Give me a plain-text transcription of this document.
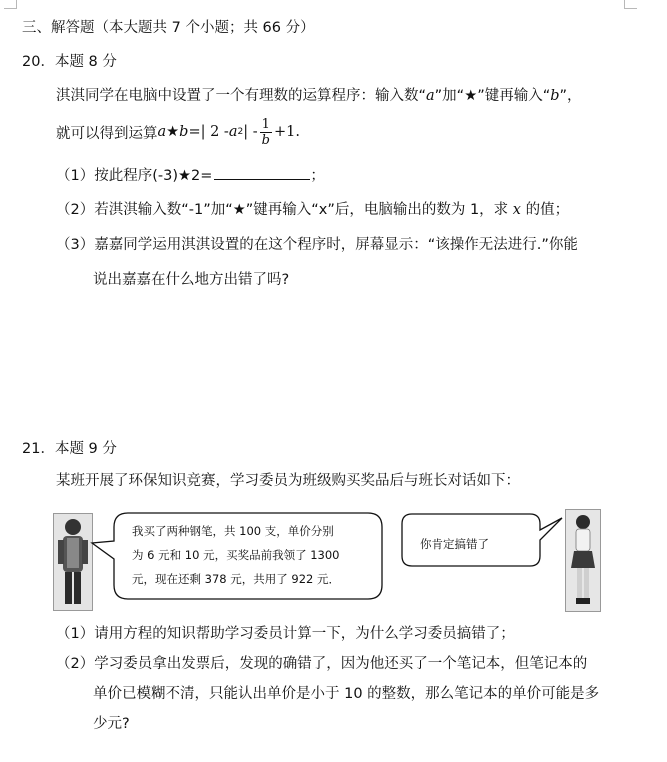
三、解答题（本大题共 7 个小题；共 66 分）
20．本题 8 分
淇淇同学在电脑中设置了一个有理数的运算程序：输入数“a”加“★”键再输入“b”，
就可以得到运算 a ★ b =| 2 - a 2 | - $\frac{1}{b} +1$.
（1）按此程序(-3)★2=	；
（2）若淇淇输入数“-1”加“★”键再输入“x”后，电脑输出的数为 1，求 x 的值；
（3）嘉嘉同学运用淇淇设置的在这个程序时，屏幕显示：“该操作无法进行.”你能
说出嘉嘉在什么地方出错了吗?
21．本题 9 分
某班开展了环保知识竞赛，学习委员为班级购买奖品后与班长对话如下：
我买了两种钢笔，共 100 支，单价分别
为 6 元和 10 元，买奖品前我领了 1300
元，现在还剩 378 元，共用了 922 元．
你肯定搞错了
（1）请用方程的知识帮助学习委员计算一下，为什么学习委员搞错了；
（2）学习委员拿出发票后，发现的确错了，因为他还买了一个笔记本，但笔记本的
单价已模糊不清，只能认出单价是小于 10 的整数，那么笔记本的单价可能是多
少元?
